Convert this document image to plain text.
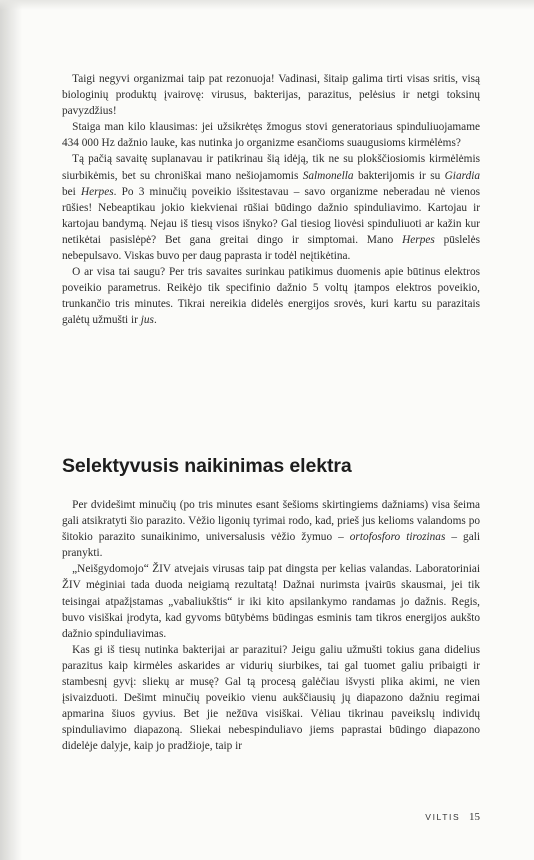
Taigi negyvi organizmai taip pat rezonuoja! Vadinasi, šitaip galima tirti visas sritis, visą biologinių produktų įvairovę: virusus, bakterijas, parazitus, pelėsius ir netgi toksinų pavyzdžius!

Staiga man kilo klausimas: jei užsikrėtęs žmogus stovi generatoriaus spinduliuojamame 434 000 Hz dažnio lauke, kas nutinka jo organizme esančioms suaugusioms kirmėlėms?

Tą pačią savaitę suplanavau ir patikrinau šią idėją, tik ne su plokščiosiomis kirmėlėmis siurbikėmis, bet su chroniškai mano nešiojamomis Salmonella bakterijomis ir su Giardia bei Herpes. Po 3 minučių poveikio išsitestavau – savo organizme neberadau nė vienos rūšies! Nebeaptikau jokio kiekvienai rūšiai būdingo dažnio spinduliavimo. Kartojau ir kartojau bandymą. Nejau iš tiesų visos išnyko? Gal tiesiog liovėsi spinduliuoti ar kažin kur netikėtai pasislėpė? Bet gana greitai dingo ir simptomai. Mano Herpes pūslelės nebepulsavo. Viskas buvo per daug paprasta ir todėl neįtikėtina.

O ar visa tai saugu? Per tris savaites surinkau patikimus duomenis apie būtinus elektros poveikio parametrus. Reikėjo tik specifinio dažnio 5 voltų įtampos elektros poveikio, trunkančio tris minutes. Tikrai nereikia didelės energijos srovės, kuri kartu su parazitais galėtų užmušti ir jus.

Selektyvusis naikinimas elektra

Per dvidešimt minučių (po tris minutes esant šešioms skirtingiems dažniams) visa šeima gali atsikratyti šio parazito. Vėžio ligonių tyrimai rodo, kad, prieš jus kelioms valandoms po šitokio parazito sunaikinimo, universalusis vėžio žymuo – ortofosforo tirozinas – gali pranykti.

„Neišgydomojo“ ŽIV atvejais virusas taip pat dingsta per kelias valandas. Laboratoriniai ŽIV mėginiai tada duoda neigiamą rezultatą! Dažnai nurimsta įvairūs skausmai, jei tik teisingai atpažįstamas „vabaliukštis“ ir iki kito apsilankymo randamas jo dažnis. Regis, buvo visiškai įrodyta, kad gyvoms būtybėms būdingas esminis tam tikros energijos aukšto dažnio spinduliavimas.

Kas gi iš tiesų nutinka bakterijai ar parazitui? Jeigu galiu užmušti tokius gana didelius parazitus kaip kirmėles askarides ar vidurių siurbikes, tai gal tuomet galiu pribaigti ir stambesnį gyvį: sliekų ar musę? Gal tą procesą galėčiau išvysti plika akimi, ne vien įsivaizduoti. Dešimt minučių poveikio vienu aukščiausių jų diapazono dažniu regimai apmarina šiuos gyvius. Bet jie nežūva visiškai. Vėliau tikrinau paveikslų individų spinduliavimo diapazoną. Sliekai nebespinduliavo jiems paprastai būdingo diapazono didelėje dalyje, kaip jo pradžioje, taip ir

VILTIS 15
